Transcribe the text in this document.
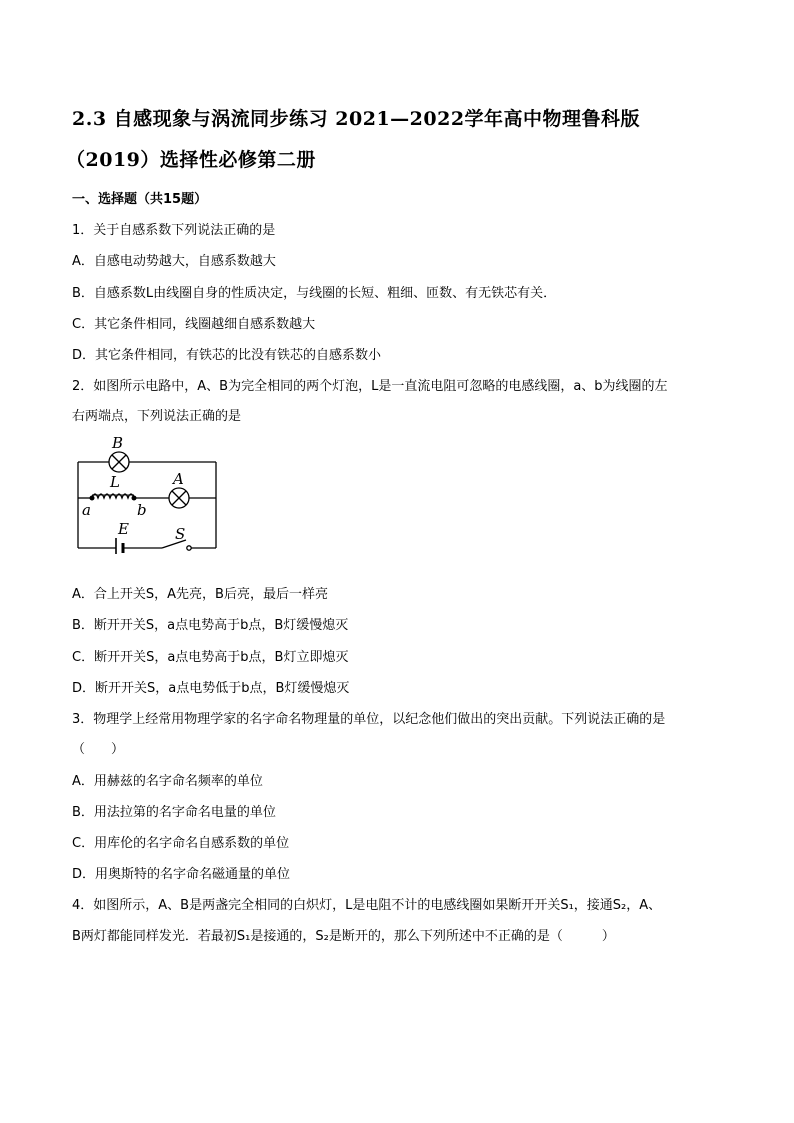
2.3 自感现象与涡流同步练习 2021—2022学年高中物理鲁科版
（2019）选择性必修第二册
一、选择题（共15题）
1．关于自感系数下列说法正确的是
A．自感电动势越大，自感系数越大
B．自感系数L由线圈自身的性质决定，与线圈的长短、粗细、匝数、有无铁芯有关．
C．其它条件相同，线圈越细自感系数越大
D．其它条件相同，有铁芯的比没有铁芯的自感系数小
2．如图所示电路中，A、B为完全相同的两个灯泡，L是一直流电阻可忽略的电感线圈，a、b为线圈的左
右两端点，下列说法正确的是
B
A
L
a	b
E	S
A．合上开关S，A先亮，B后亮，最后一样亮
B．断开开关S，a点电势高于b点，B灯缓慢熄灭
C．断开开关S，a点电势高于b点，B灯立即熄灭
D．断开开关S，a点电势低于b点，B灯缓慢熄灭
3．物理学上经常用物理学家的名字命名物理量的单位，以纪念他们做出的突出贡献。下列说法正确的是
（　　）
A．用赫兹的名字命名频率的单位
B．用法拉第的名字命名电量的单位
C．用库伦的名字命名自感系数的单位
D．用奥斯特的名字命名磁通量的单位
4．如图所示，A、B是两盏完全相同的白炽灯，L是电阻不计的电感线圈如果断开开关S₁，接通S₂，A、
B两灯都能同样发光．若最初S₁是接通的，S₂是断开的，那么下列所述中不正确的是（　　　）
